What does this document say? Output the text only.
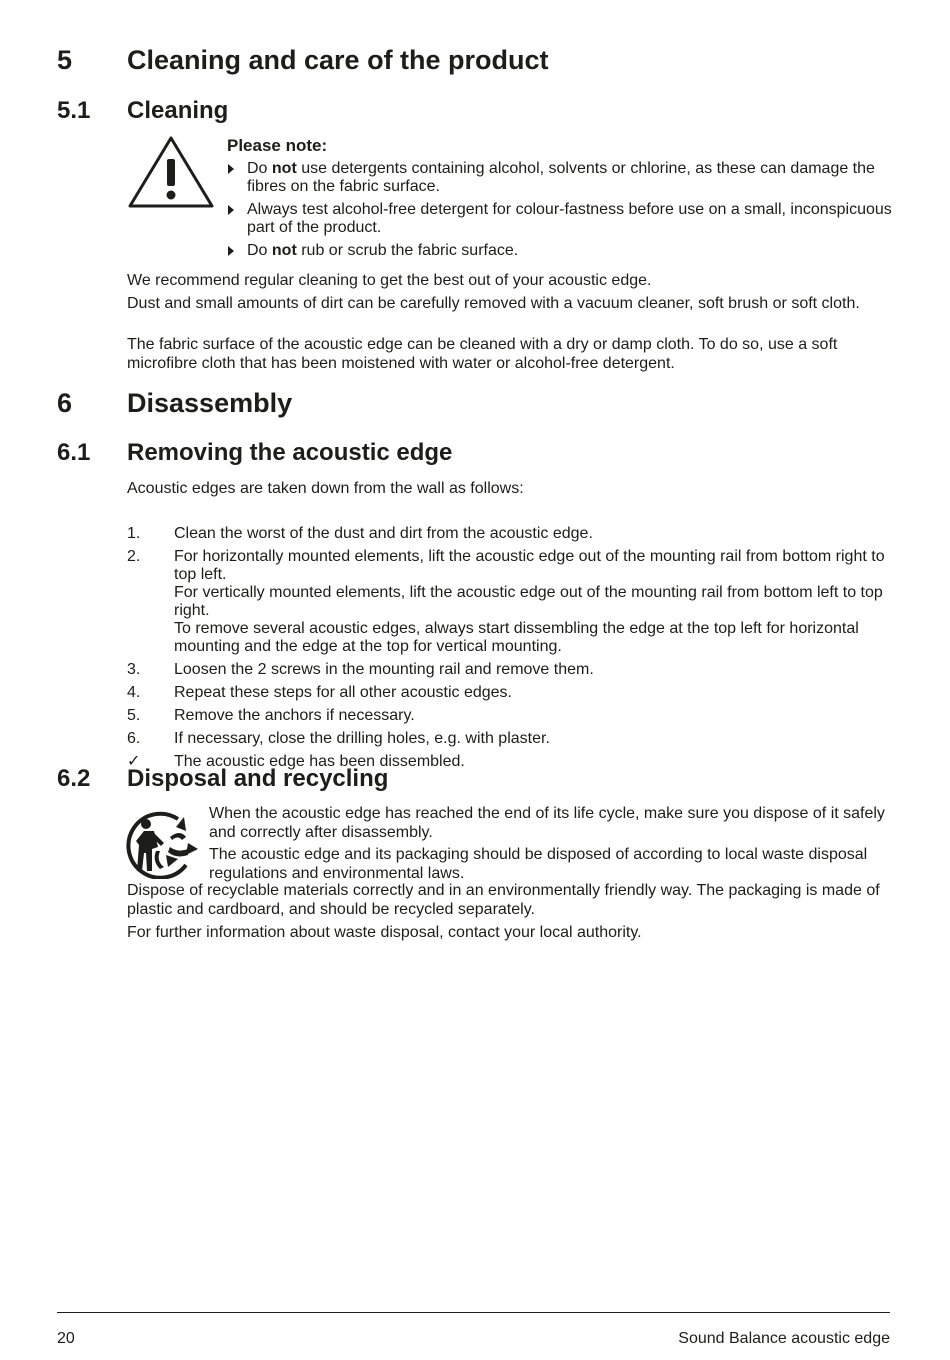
5 Cleaning and care of the product
5.1 Cleaning

Please note:

Do not use detergents containing alcohol, solvents or chlorine, as these can damage the fibres on the fabric surface.
Always test alcohol-free detergent for colour-fastness before use on a small, inconspicuous part of the product.
Do not rub or scrub the fabric surface.

We recommend regular cleaning to get the best out of your acoustic edge.

Dust and small amounts of dirt can be carefully removed with a vacuum cleaner, soft brush or soft cloth.

The fabric surface of the acoustic edge can be cleaned with a dry or damp cloth. To do so, use a soft microfibre cloth that has been moistened with water or alcohol-free detergent.

6 Disassembly
6.1 Removing the acoustic edge

Acoustic edges are taken down from the wall as follows:

1. Clean the worst of the dust and dirt from the acoustic edge.
2. For horizontally mounted elements, lift the acoustic edge out of the mounting rail from bottom right to top left.
For vertically mounted elements, lift the acoustic edge out of the mounting rail from bottom left to top right.
To remove several acoustic edges, always start dissembling the edge at the top left for horizontal mounting and the edge at the top for vertical mounting.
3. Loosen the 2 screws in the mounting rail and remove them.
4. Repeat these steps for all other acoustic edges.
5. Remove the anchors if necessary.
6. If necessary, close the drilling holes, e.g. with plaster.
✓ The acoustic edge has been dissembled.
6.2 Disposal and recycling

When the acoustic edge has reached the end of its life cycle, make sure you dispose of it safely and correctly after disassembly.

The acoustic edge and its packaging should be disposed of according to local waste disposal regulations and environmental laws.

Dispose of recyclable materials correctly and in an environmentally friendly way. The packaging is made of plastic and cardboard, and should be recycled separately.

For further information about waste disposal, contact your local authority.

20	Sound Balance acoustic edge
